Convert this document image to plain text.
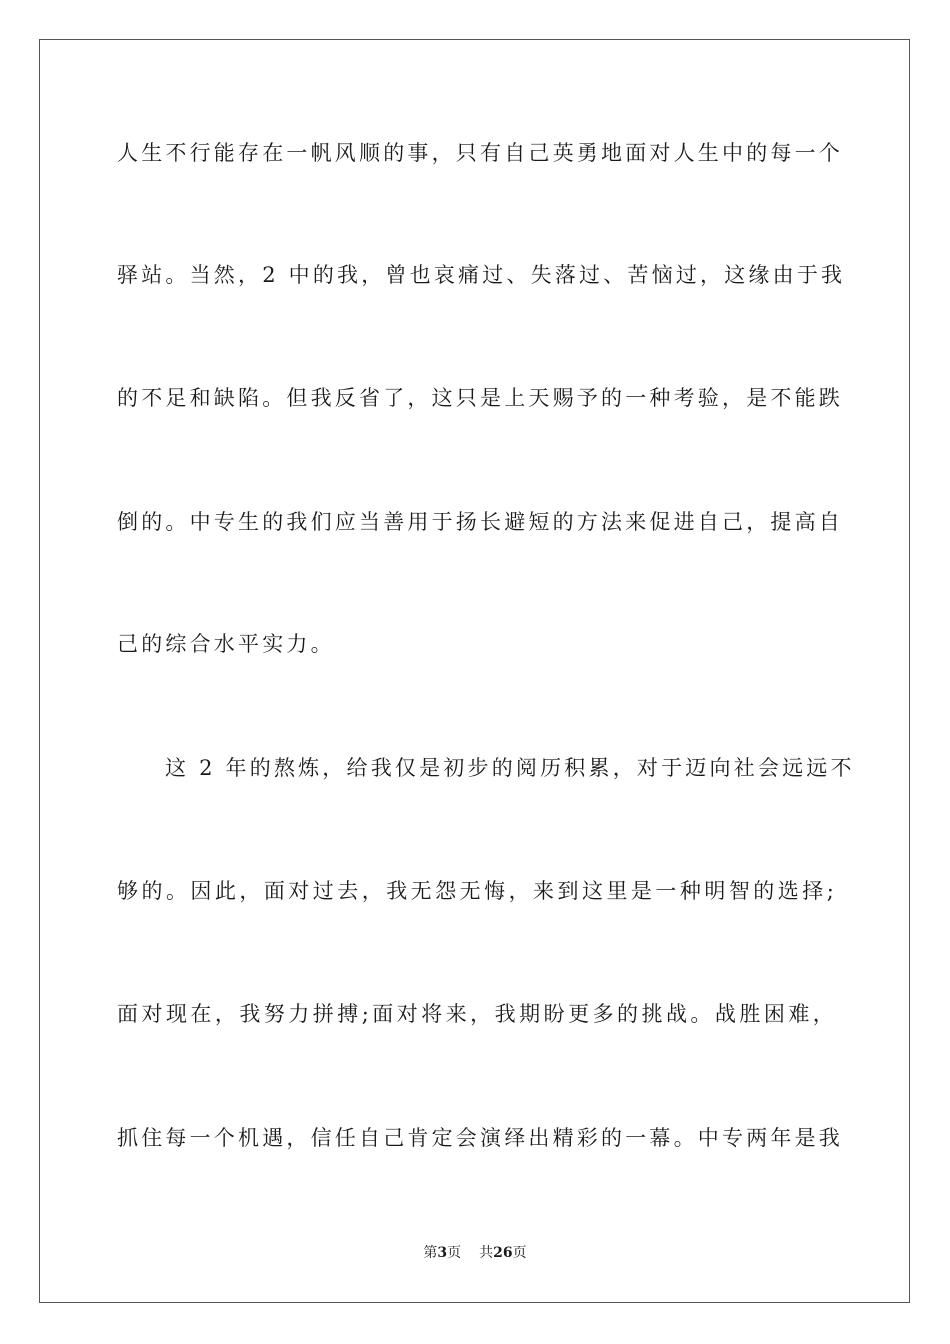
人生不行能存在一帆风顺的事，只有自己英勇地面对人生中的每一个
驿站。当然，2 中的我，曾也哀痛过、失落过、苦恼过，这缘由于我
的不足和缺陷。但我反省了，这只是上天赐予的一种考验，是不能跌
倒的。中专生的我们应当善用于扬长避短的方法来促进自己，提高自
己的综合水平实力。
这 2 年的熬炼，给我仅是初步的阅历积累，对于迈向社会远远不
够的。因此，面对过去，我无怨无悔，来到这里是一种明智的选择;
面对现在，我努力拼搏;面对将来，我期盼更多的挑战。战胜困难，
抓住每一个机遇，信任自己肯定会演绎出精彩的一幕。中专两年是我
第3页 共26页
